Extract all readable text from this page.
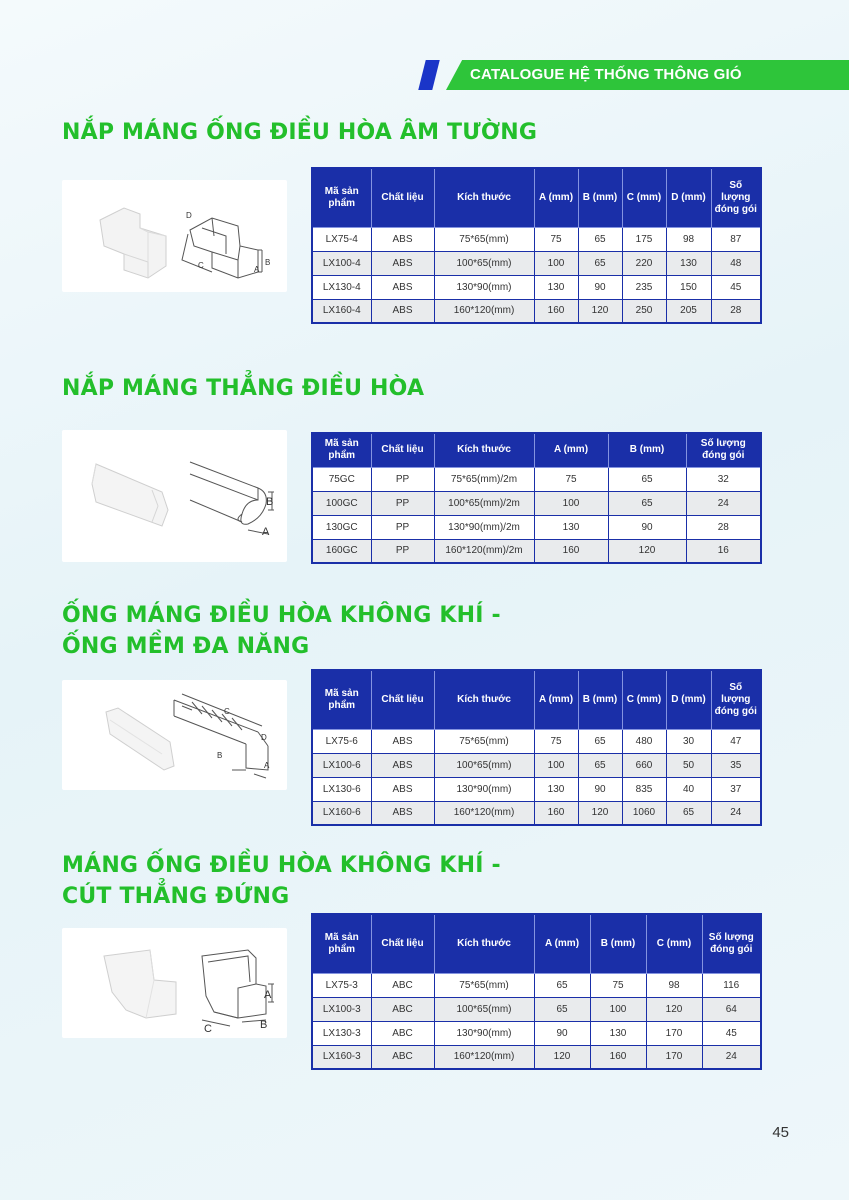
CATALOGUE HỆ THỐNG THÔNG GIÓ
NẮP MÁNG ỐNG ĐIỀU HÒA ÂM TƯỜNG
D
B
C	A
Mã sản phẩm	Chất liệu	Kích thước	A (mm)	B (mm)	C (mm)	D (mm)	Số lượng đóng gói
LX75-4	ABS	75*65(mm)	75	65	175	98	87
LX100-4	ABS	100*65(mm)	100	65	220	130	48
LX130-4	ABS	130*90(mm)	130	90	235	150	45
LX160-4	ABS	160*120(mm)	160	120	250	205	28
NẮP MÁNG THẲNG ĐIỀU HÒA
B
A
Mã sản phẩm	Chất liệu	Kích thước	A (mm)	B (mm)	Số lượng đóng gói
75GC	PP	75*65(mm)/2m	75	65	32
100GC	PP	100*65(mm)/2m	100	65	24
130GC	PP	130*90(mm)/2m	130	90	28
160GC	PP	160*120(mm)/2m	160	120	16
ỐNG MÁNG ĐIỀU HÒA KHÔNG KHÍ -
ỐNG MỀM ĐA NĂNG
C
D
B
A
Mã sản phẩm	Chất liệu	Kích thước	A (mm)	B (mm)	C (mm)	D (mm)	Số lượng đóng gói
LX75-6	ABS	75*65(mm)	75	65	480	30	47
LX100-6	ABS	100*65(mm)	100	65	660	50	35
LX130-6	ABS	130*90(mm)	130	90	835	40	37
LX160-6	ABS	160*120(mm)	160	120	1060	65	24
MÁNG ỐNG ĐIỀU HÒA KHÔNG KHÍ -
CÚT THẲNG ĐỨNG
A
C	B
Mã sản phẩm	Chất liệu	Kích thước	A (mm)	B (mm)	C (mm)	Số lượng đóng gói
LX75-3	ABC	75*65(mm)	65	75	98	116
LX100-3	ABC	100*65(mm)	65	100	120	64
LX130-3	ABC	130*90(mm)	90	130	170	45
LX160-3	ABC	160*120(mm)	120	160	170	24
45
